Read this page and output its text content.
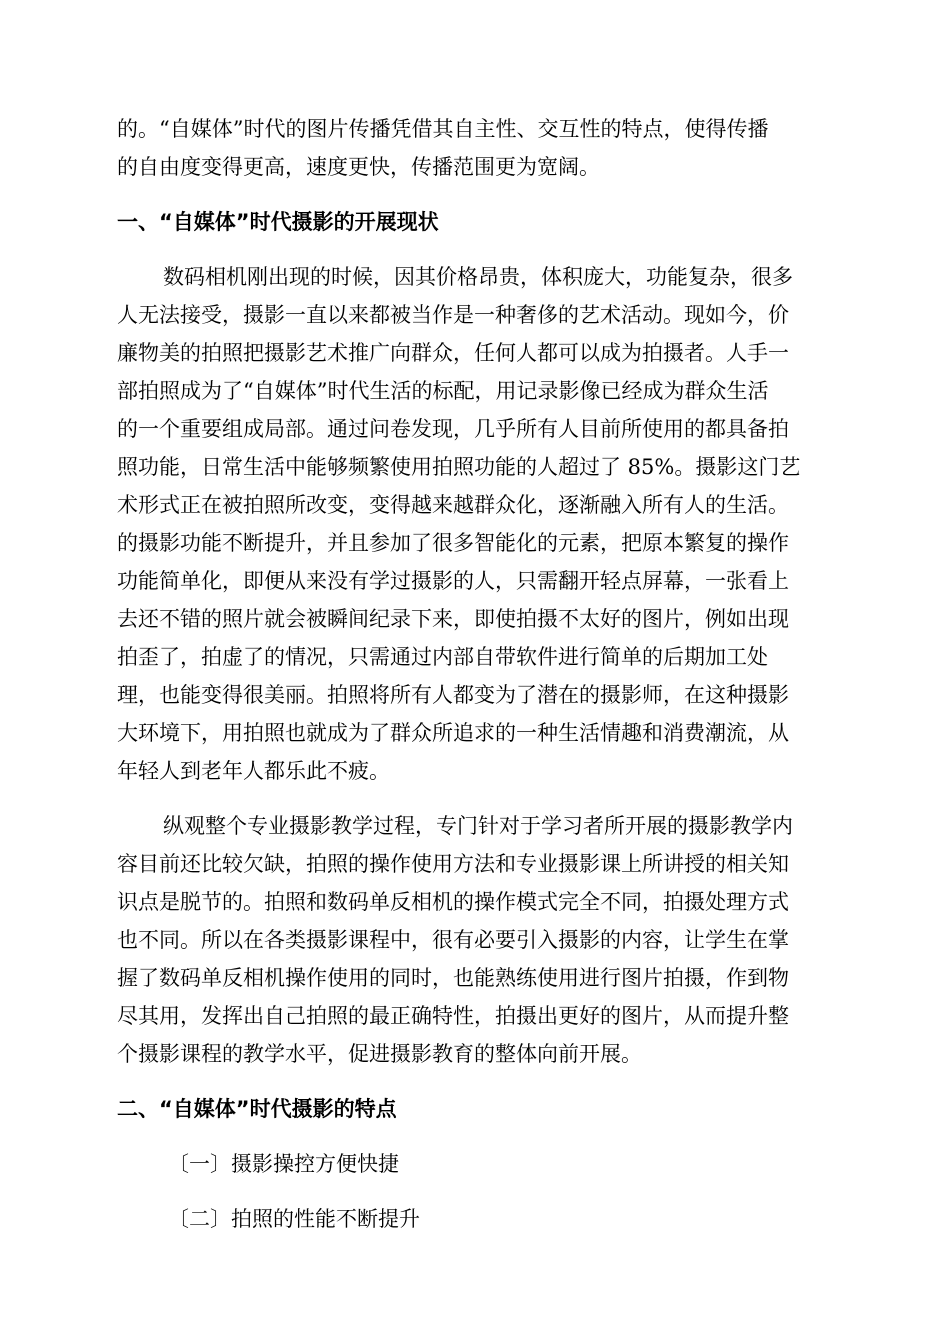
的。“自媒体”时代的图片传播凭借其自主性、交互性的特点，使得传播
的自由度变得更高，速度更快，传播范围更为宽阔。
一、“自媒体”时代摄影的开展现状
数码相机刚出现的时候，因其价格昂贵，体积庞大，功能复杂，很多
人无法接受，摄影一直以来都被当作是一种奢侈的艺术活动。现如今，价
廉物美的拍照把摄影艺术推广向群众，任何人都可以成为拍摄者。人手一
部拍照成为了“自媒体”时代生活的标配，用记录影像已经成为群众生活
的一个重要组成局部。通过问卷发现，几乎所有人目前所使用的都具备拍
照功能，日常生活中能够频繁使用拍照功能的人超过了 85%。摄影这门艺
术形式正在被拍照所改变，变得越来越群众化，逐渐融入所有人的生活。
的摄影功能不断提升，并且参加了很多智能化的元素，把原本繁复的操作
功能简单化，即便从来没有学过摄影的人，只需翻开轻点屏幕，一张看上
去还不错的照片就会被瞬间纪录下来，即使拍摄不太好的图片，例如出现
拍歪了，拍虚了的情况，只需通过内部自带软件进行简单的后期加工处
理，也能变得很美丽。拍照将所有人都变为了潜在的摄影师，在这种摄影
大环境下，用拍照也就成为了群众所追求的一种生活情趣和消费潮流，从
年轻人到老年人都乐此不疲。
纵观整个专业摄影教学过程，专门针对于学习者所开展的摄影教学内
容目前还比较欠缺，拍照的操作使用方法和专业摄影课上所讲授的相关知
识点是脱节的。拍照和数码单反相机的操作模式完全不同，拍摄处理方式
也不同。所以在各类摄影课程中，很有必要引入摄影的内容，让学生在掌
握了数码单反相机操作使用的同时，也能熟练使用进行图片拍摄，作到物
尽其用，发挥出自己拍照的最正确特性，拍摄出更好的图片，从而提升整
个摄影课程的教学水平，促进摄影教育的整体向前开展。
二、“自媒体”时代摄影的特点
〔一〕摄影操控方便快捷
〔二〕拍照的性能不断提升
